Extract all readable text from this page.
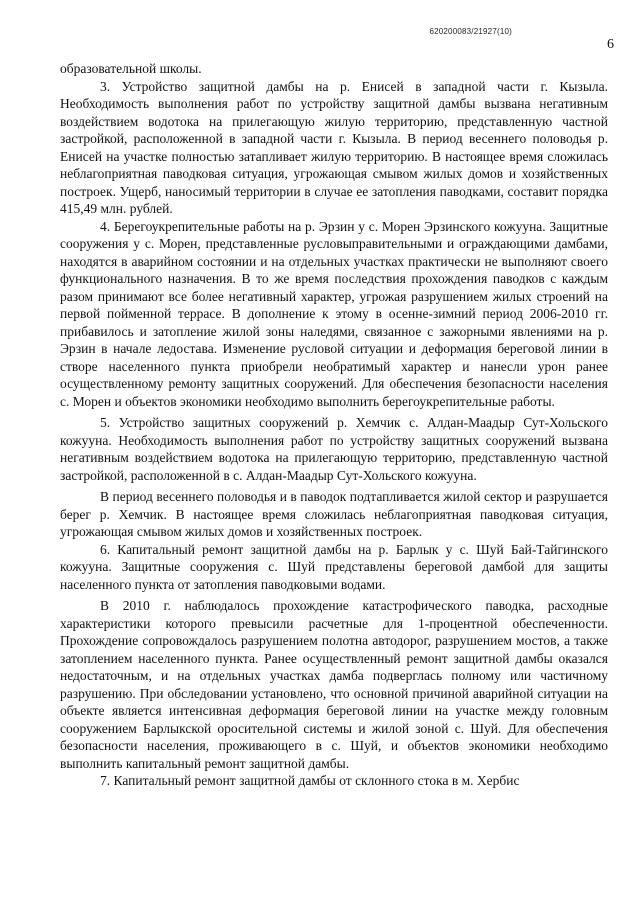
620200083/21927(10)
6

образовательной школы.

3. Устройство защитной дамбы на р. Енисей в западной части г. Кызыла. Необходимость выполнения работ по устройству защитной дамбы вызвана негативным воздействием водотока на прилегающую жилую территорию, представленную частной застройкой, расположенной в западной части г. Кызыла. В период весеннего половодья р. Енисей на участке полностью затапливает жилую территорию. В настоящее время сложилась неблагоприятная паводковая ситуация, угрожающая смывом жилых домов и хозяйственных построек. Ущерб, наносимый территории в случае ее затопления паводками, составит порядка 415,49 млн. рублей.

4. Берегоукрепительные работы на р. Эрзин у с. Морен Эрзинского кожууна. Защитные сооружения у с. Морен, представленные русловыправительными и ограждающими дамбами, находятся в аварийном состоянии и на отдельных участках практически не выполняют своего функционального назначения. В то же время последствия прохождения паводков с каждым разом принимают все более негативный характер, угрожая разрушением жилых строений на первой пойменной террасе. В дополнение к этому в осенне-зимний период 2006-2010 гг. прибавилось и затопление жилой зоны наледями, связанное с зажорными явлениями на р. Эрзин в начале ледостава. Изменение русловой ситуации и деформация береговой линии в створе населенного пункта приобрели необратимый характер и нанесли урон ранее осуществленному ремонту защитных сооружений. Для обеспечения безопасности населения с. Морен и объектов экономики необходимо выполнить берегоукрепительные работы.

5. Устройство защитных сооружений р. Хемчик с. Алдан-Маадыр Сут-Хольского кожууна. Необходимость выполнения работ по устройству защитных сооружений вызвана негативным воздействием водотока на прилегающую территорию, представленную частной застройкой, расположенной в с. Алдан-Маадыр Сут-Хольского кожууна.

В период весеннего половодья и в паводок подтапливается жилой сектор и разрушается берег р. Хемчик. В настоящее время сложилась неблагоприятная паводковая ситуация, угрожающая смывом жилых домов и хозяйственных построек.

6. Капитальный ремонт защитной дамбы на р. Барлык у с. Шуй Бай-Тайгинского кожууна. Защитные сооружения с. Шуй представлены береговой дамбой для защиты населенного пункта от затопления паводковыми водами.

В 2010 г. наблюдалось прохождение катастрофического паводка, расходные характеристики которого превысили расчетные для 1-процентной обеспеченности. Прохождение сопровождалось разрушением полотна автодорог, разрушением мостов, а также затоплением населенного пункта. Ранее осуществленный ремонт защитной дамбы оказался недостаточным, и на отдельных участках дамба подверглась полному или частичному разрушению. При обследовании установлено, что основной причиной аварийной ситуации на объекте является интенсивная деформация береговой линии на участке между головным сооружением Барлыкской оросительной системы и жилой зоной с. Шуй. Для обеспечения безопасности населения, проживающего в с. Шуй, и объектов экономики необходимо выполнить капитальный ремонт защитной дамбы.

7. Капитальный ремонт защитной дамбы от склонного стока в м. Хербис
